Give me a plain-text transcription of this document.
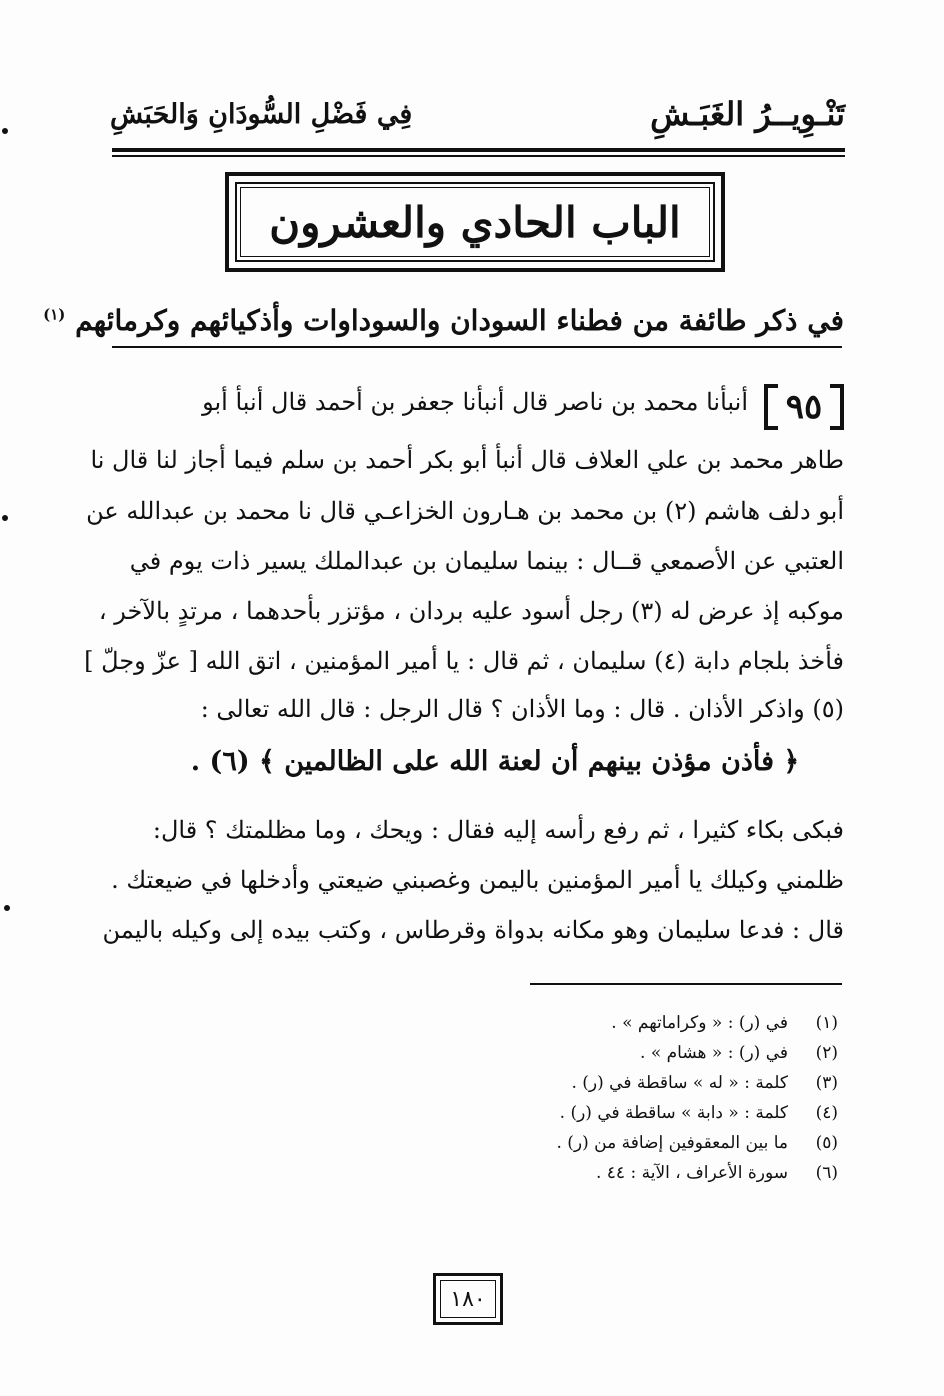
تَنْـوِيــرُ الغَبَـشِ
فِي فَضْلِ السُّودَانِ وَالحَبَشِ
الباب الحادي والعشرون
في ذكر طائفة من فطناء السودان والسوداوات وأذكيائهم وكرمائهم $^{(١)}$
٩٥
أنبأنا محمد بن ناصر قال أنبأنا جعفر بن أحمد قال أنبأ أبو
طاهر محمد بن علي العلاف قال أنبأ أبو بكر أحمد بن سلم فيما أجاز لنا قال نا
أبو دلف هاشم (٢) بن محمد بن هـارون الخزاعـي قال نا محمد بن عبدالله عن
العتبي عن الأصمعي قــال : بينما سليمان بن عبدالملك يسير ذات يوم في
موكبه إذ عرض له (٣) رجل أسود عليه بردان ، مؤتزر بأحدهما ، مرتدٍ بالآخر ،
فأخذ بلجام دابة (٤) سليمان ، ثم قال : يا أمير المؤمنين ، اتق الله [ عزّ وجلّ ]
(٥) واذكر الأذان . قال : وما الأذان ؟ قال الرجل : قال الله تعالى :
﴿ فأذن مؤذن بينهم أن لعنة الله على الظالمين ﴾ (٦) .
فبكى بكاء كثيرا ، ثم رفع رأسه إليه فقال : ويحك ، وما مظلمتك ؟ قال:
ظلمني وكيلك يا أمير المؤمنين باليمن وغصبني ضيعتي وأدخلها في ضيعتك .
قال : فدعا سليمان وهو مكانه بدواة وقرطاس ، وكتب بيده إلى وكيله باليمن
(١)
في (ر) : « وكراماتهم » .
(٢)
في (ر) : « هشام » .
(٣)
كلمة : « له » ساقطة في (ر) .
(٤)
كلمة : « دابة » ساقطة في (ر) .
(٥)
ما بين المعقوفين إضافة من (ر) .
(٦)
سورة الأعراف ، الآية : ٤٤ .
١٨٠
